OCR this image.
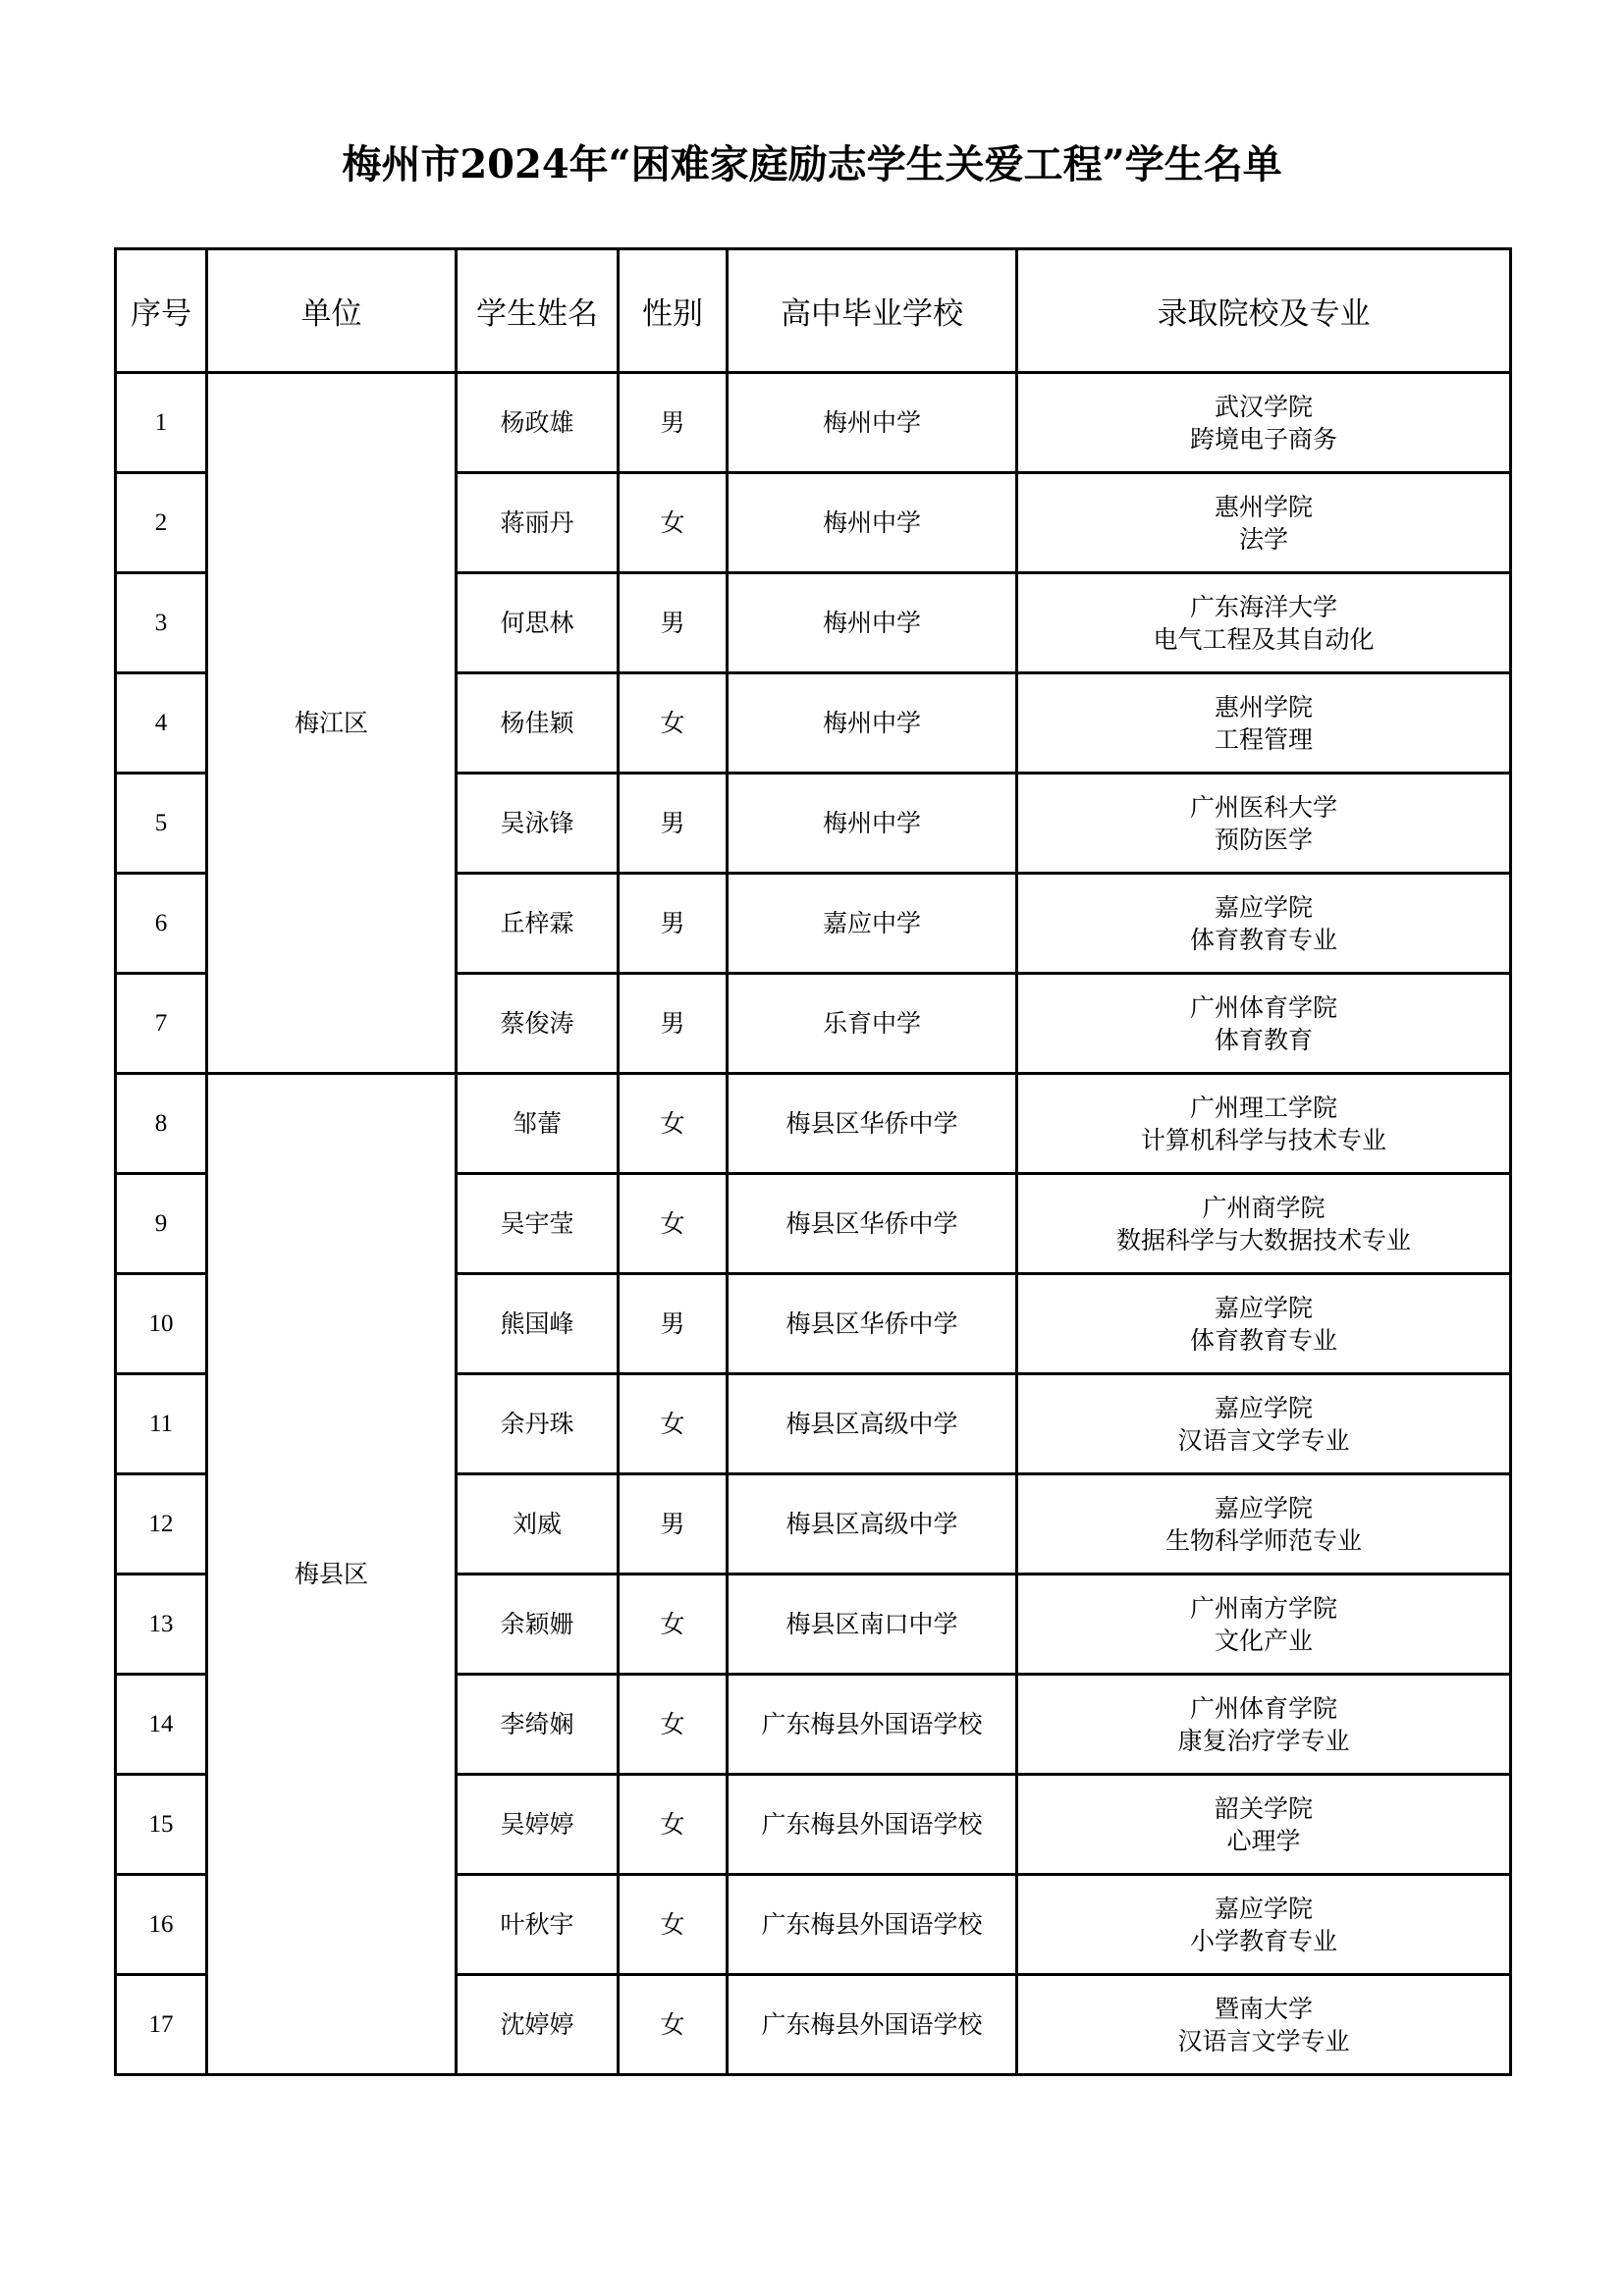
梅州市2024年“困难家庭励志学生关爱工程”学生名单
序号	单位	学生姓名	性别	高中毕业学校	录取院校及专业
1	梅江区	杨政雄	男	梅州中学	武汉学院
跨境电子商务

2		蒋丽丹	女	梅州中学	惠州学院
法学

3		何思林	男	梅州中学	广东海洋大学
电气工程及其自动化

4		杨佳颖	女	梅州中学	惠州学院
工程管理

5		吴泳锋	男	梅州中学	广州医科大学
预防医学

6		丘梓霖	男	嘉应中学	嘉应学院
体育教育专业

7		蔡俊涛	男	乐育中学	广州体育学院
体育教育

8	梅县区	邹蕾	女	梅县区华侨中学	广州理工学院
计算机科学与技术专业

9		吴宇莹	女	梅县区华侨中学	广州商学院
数据科学与大数据技术专业

10		熊国峰	男	梅县区华侨中学	嘉应学院
体育教育专业

11		余丹珠	女	梅县区高级中学	嘉应学院
汉语言文学专业

12		刘威	男	梅县区高级中学	嘉应学院
生物科学师范专业

13		余颖姗	女	梅县区南口中学	广州南方学院
文化产业

14		李绮娴	女	广东梅县外国语学校	广州体育学院
康复治疗学专业

15		吴婷婷	女	广东梅县外国语学校	韶关学院
心理学

16		叶秋宇	女	广东梅县外国语学校	嘉应学院
小学教育专业

17		沈婷婷	女	广东梅县外国语学校	暨南大学
汉语言文学专业
